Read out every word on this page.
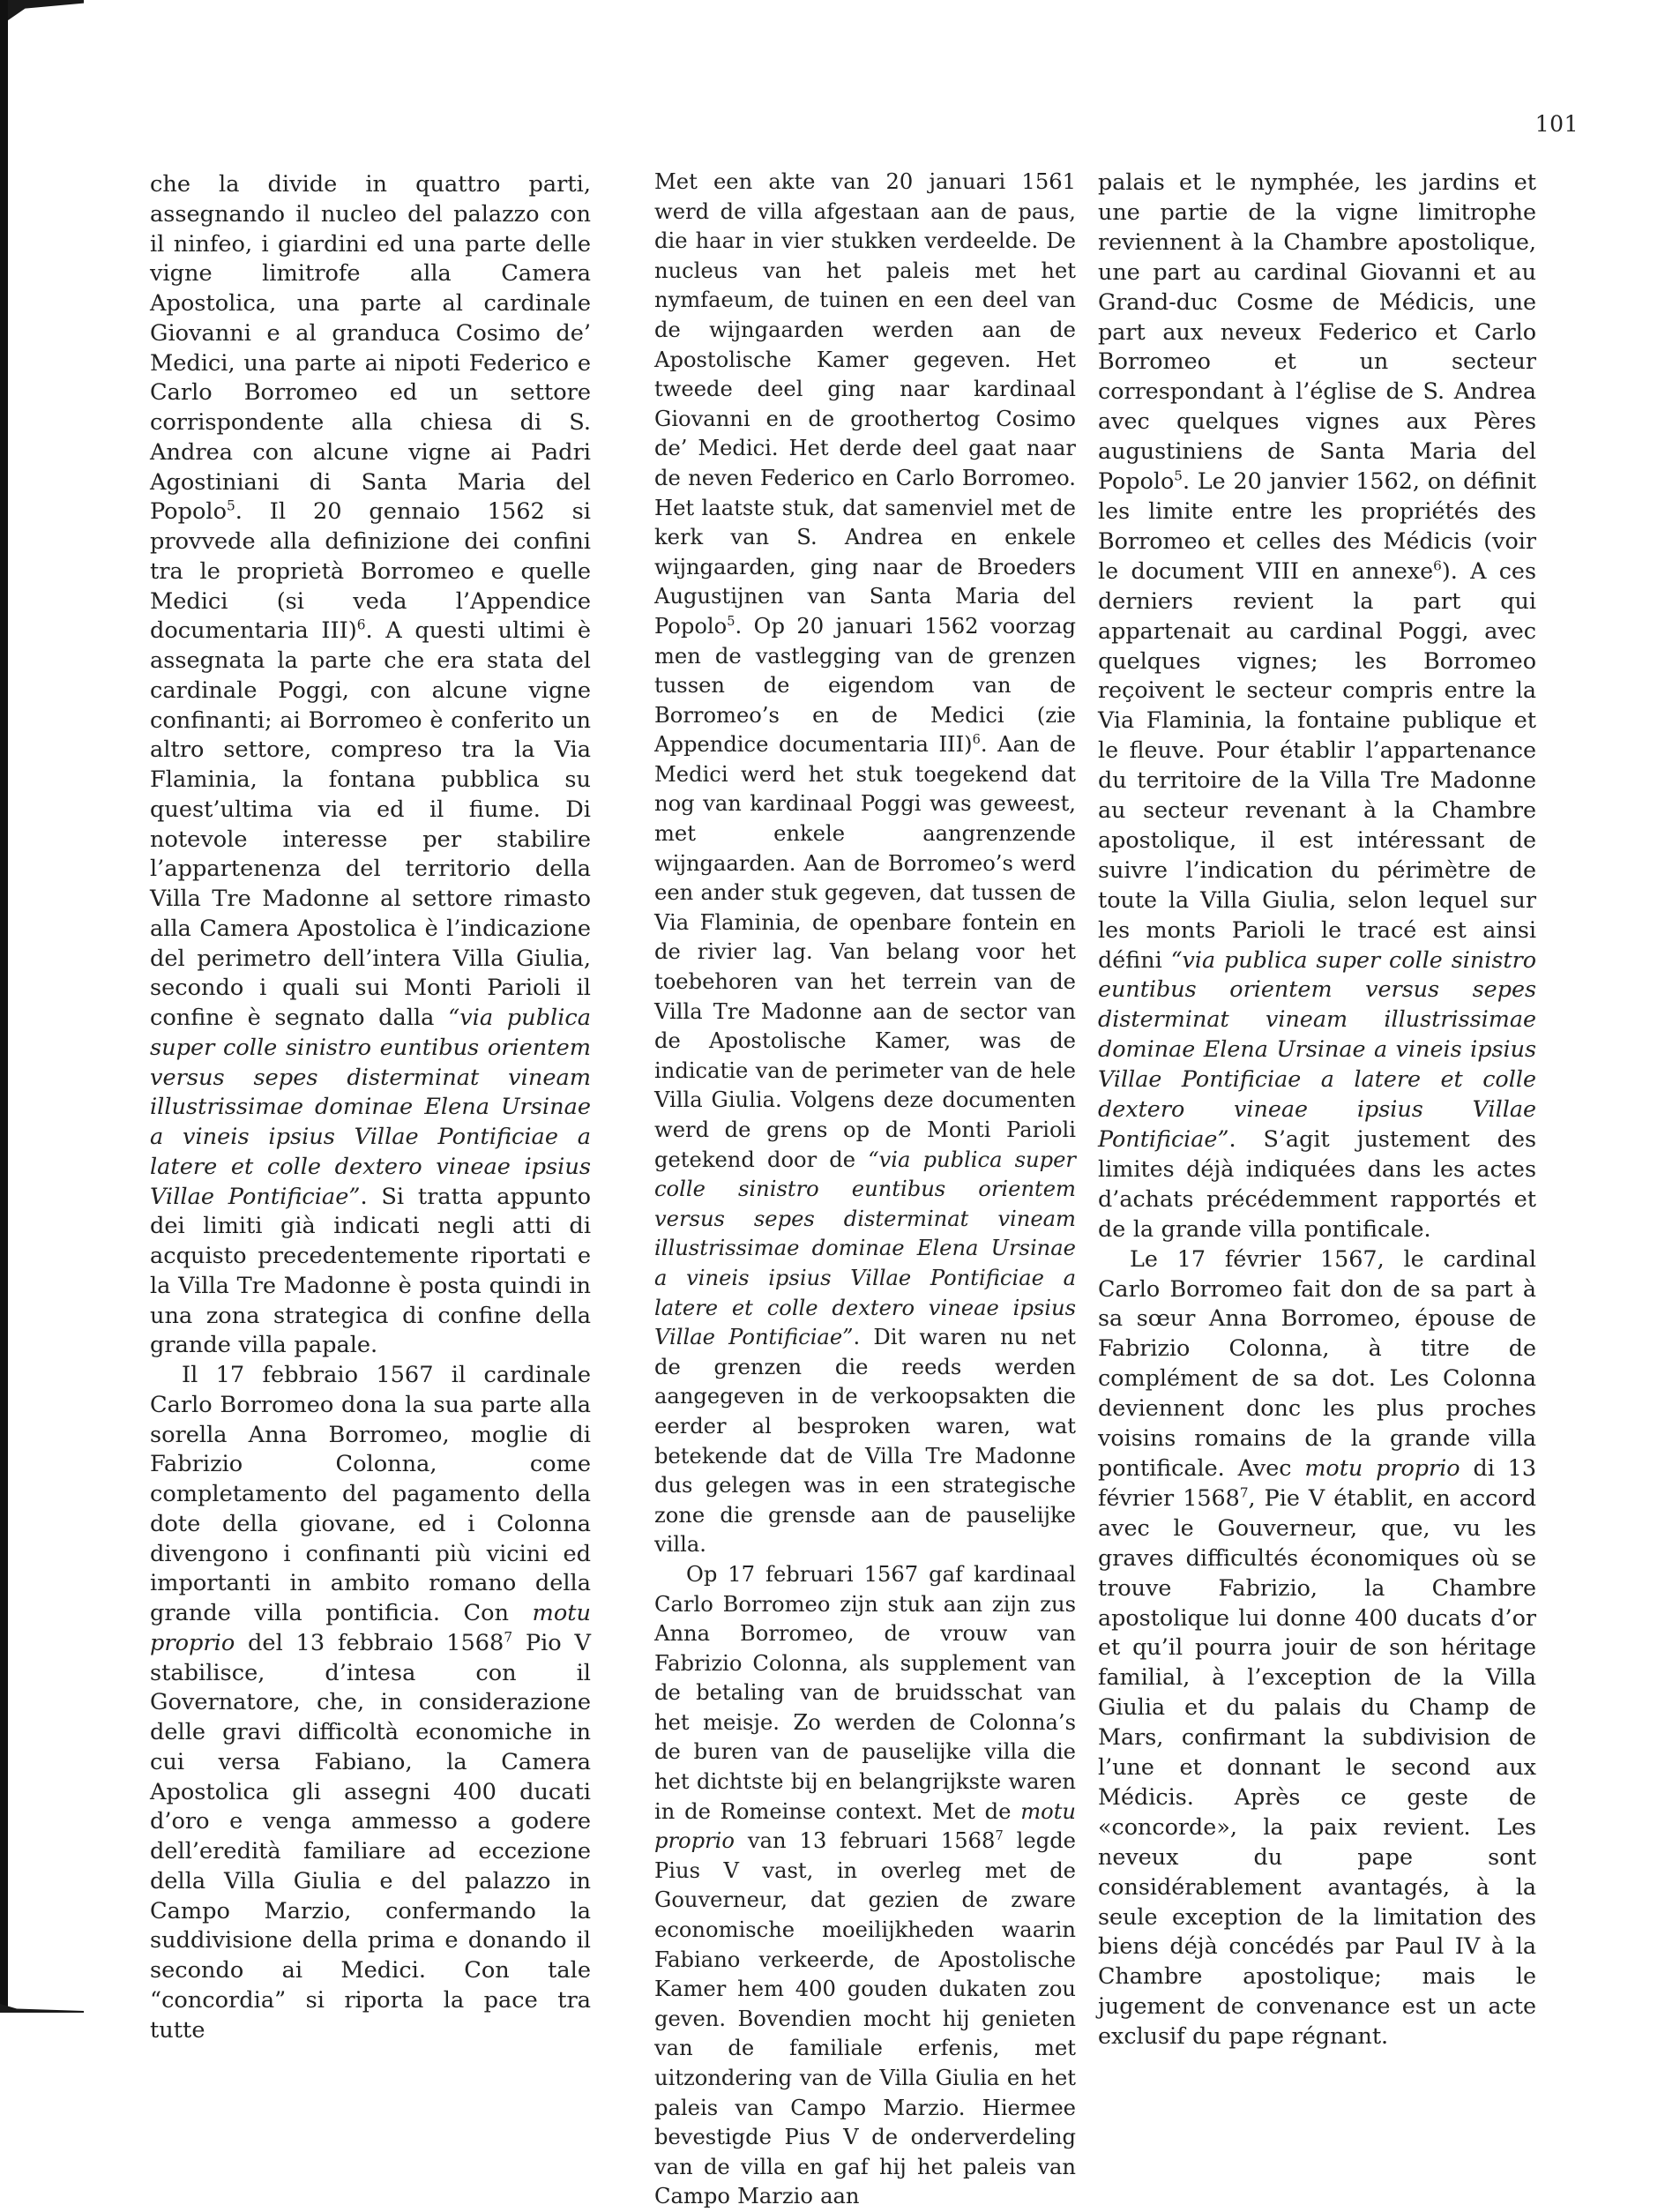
101

che la divide in quattro parti, assegnando il nucleo del palazzo con il ninfeo, i giardini ed una parte delle vigne limitrofe alla Camera Apostolica, una parte al cardinale Giovanni e al granduca Cosimo de’ Medici, una parte ai nipoti Federico e Carlo Borromeo ed un settore corrispondente alla chiesa di S. Andrea con alcune vigne ai Padri Agostiniani di Santa Maria del Popolo$^5$. Il 20 gennaio 1562 si provvede alla definizione dei confini tra le proprietà Borromeo e quelle Medici (si veda l’Appendice documentaria III)$^6$. A questi ultimi è assegnata la parte che era stata del cardinale Poggi, con alcune vigne confinanti; ai Borromeo è conferito un altro settore, compreso tra la Via Flaminia, la fontana pubblica su quest’ultima via ed il fiume. Di notevole interesse per stabilire l’appartenenza del territorio della Villa Tre Madonne al settore rimasto alla Camera Apostolica è l’indicazione del perimetro dell’intera Villa Giulia, secondo i quali sui Monti Parioli il confine è segnato dalla “via publica super colle sinistro euntibus orientem versus sepes disterminat vineam illustrissimae dominae Elena Ursinae a vineis ipsius Villae Pontificiae a latere et colle dextero vineae ipsius Villae Pontificiae”. Si tratta appunto dei limiti già indicati negli atti di acquisto precedentemente riportati e la Villa Tre Madonne è posta quindi in una zona strategica di confine della grande villa papale.

Il 17 febbraio 1567 il cardinale Carlo Borromeo dona la sua parte alla sorella Anna Borromeo, moglie di Fabrizio Colonna, come completamento del pagamento della dote della giovane, ed i Colonna divengono i confinanti più vicini ed importanti in ambito romano della grande villa pontificia. Con motu proprio del 13 febbraio 1568$^7$ Pio V stabilisce, d’intesa con il Governatore, che, in considerazione delle gravi difficoltà economiche in cui versa Fabiano, la Camera Apostolica gli assegni 400 ducati d’oro e venga ammesso a godere dell’eredità familiare ad eccezione della Villa Giulia e del palazzo in Campo Marzio, confermando la suddivisione della prima e donando il secondo ai Medici. Con tale “concordia” si riporta la pace tra tutte

Met een akte van 20 januari 1561 werd de villa afgestaan aan de paus, die haar in vier stukken verdeelde. De nucleus van het paleis met het nymfaeum, de tuinen en een deel van de wijngaarden werden aan de Apostolische Kamer gegeven. Het tweede deel ging naar kardinaal Giovanni en de groothertog Cosimo de’ Medici. Het derde deel gaat naar de neven Federico en Carlo Borromeo. Het laatste stuk, dat samenviel met de kerk van S. Andrea en enkele wijngaarden, ging naar de Broeders Augustijnen van Santa Maria del Popolo$^5$. Op 20 januari 1562 voorzag men de vastlegging van de grenzen tussen de eigendom van de Borromeo’s en de Medici (zie Appendice documentaria III)$^6$. Aan de Medici werd het stuk toegekend dat nog van kardinaal Poggi was geweest, met enkele aangrenzende wijngaarden. Aan de Borromeo’s werd een ander stuk gegeven, dat tussen de Via Flaminia, de openbare fontein en de rivier lag. Van belang voor het toebehoren van het terrein van de Villa Tre Madonne aan de sector van de Apostolische Kamer, was de indicatie van de perimeter van de hele Villa Giulia. Volgens deze documenten werd de grens op de Monti Parioli getekend door de “via publica super colle sinistro euntibus orientem versus sepes disterminat vineam illustrissimae dominae Elena Ursinae a vineis ipsius Villae Pontificiae a latere et colle dextero vineae ipsius Villae Pontificiae”. Dit waren nu net de grenzen die reeds werden aangegeven in de verkoopsakten die eerder al besproken waren, wat betekende dat de Villa Tre Madonne dus gelegen was in een strategische zone die grensde aan de pauselijke villa.

Op 17 februari 1567 gaf kardinaal Carlo Borromeo zijn stuk aan zijn zus Anna Borromeo, de vrouw van Fabrizio Colonna, als supplement van de betaling van de bruidsschat van het meisje. Zo werden de Colonna’s de buren van de pauselijke villa die het dichtste bij en belangrijkste waren in de Romeinse context. Met de motu proprio van 13 februari 1568$^7$ legde Pius V vast, in overleg met de Gouverneur, dat gezien de zware economische moeilijkheden waarin Fabiano verkeerde, de Apostolische Kamer hem 400 gouden dukaten zou geven. Bovendien mocht hij genieten van de familiale erfenis, met uitzondering van de Villa Giulia en het paleis van Campo Marzio. Hiermee bevestigde Pius V de onderverdeling van de villa en gaf hij het paleis van Campo Marzio aan

palais et le nymphée, les jardins et une partie de la vigne limitrophe reviennent à la Chambre apostolique, une part au cardinal Giovanni et au Grand-duc Cosme de Médicis, une part aux neveux Federico et Carlo Borromeo et un secteur correspondant à l’église de S. Andrea avec quelques vignes aux Pères augustiniens de Santa Maria del Popolo$^5$. Le 20 janvier 1562, on définit les limite entre les propriétés des Borromeo et celles des Médicis (voir le document VIII en annexe$^6$). A ces derniers revient la part qui appartenait au cardinal Poggi, avec quelques vignes; les Borromeo reçoivent le secteur compris entre la Via Flaminia, la fontaine publique et le fleuve. Pour établir l’appartenance du territoire de la Villa Tre Madonne au secteur revenant à la Chambre apostolique, il est intéressant de suivre l’indication du périmètre de toute la Villa Giulia, selon lequel sur les monts Parioli le tracé est ainsi défini “via publica super colle sinistro euntibus orientem versus sepes disterminat vineam illustrissimae dominae Elena Ursinae a vineis ipsius Villae Pontificiae a latere et colle dextero vineae ipsius Villae Pontificiae”. S’agit justement des limites déjà indiquées dans les actes d’achats précédemment rapportés et de la grande villa pontificale.

Le 17 février 1567, le cardinal Carlo Borromeo fait don de sa part à sa sœur Anna Borromeo, épouse de Fabrizio Colonna, à titre de complément de sa dot. Les Colonna deviennent donc les plus proches voisins romains de la grande villa pontificale. Avec motu proprio di 13 février 1568$^7$, Pie V établit, en accord avec le Gouverneur, que, vu les graves difficultés économiques où se trouve Fabrizio, la Chambre apostolique lui donne 400 ducats d’or et qu’il pourra jouir de son héritage familial, à l’exception de la Villa Giulia et du palais du Champ de Mars, confirmant la subdivision de l’une et donnant le second aux Médicis. Après ce geste de «concorde», la paix revient. Les neveux du pape sont considérablement avantagés, à la seule exception de la limitation des biens déjà concédés par Paul IV à la Chambre apostolique; mais le jugement de convenance est un acte exclusif du pape régnant.
